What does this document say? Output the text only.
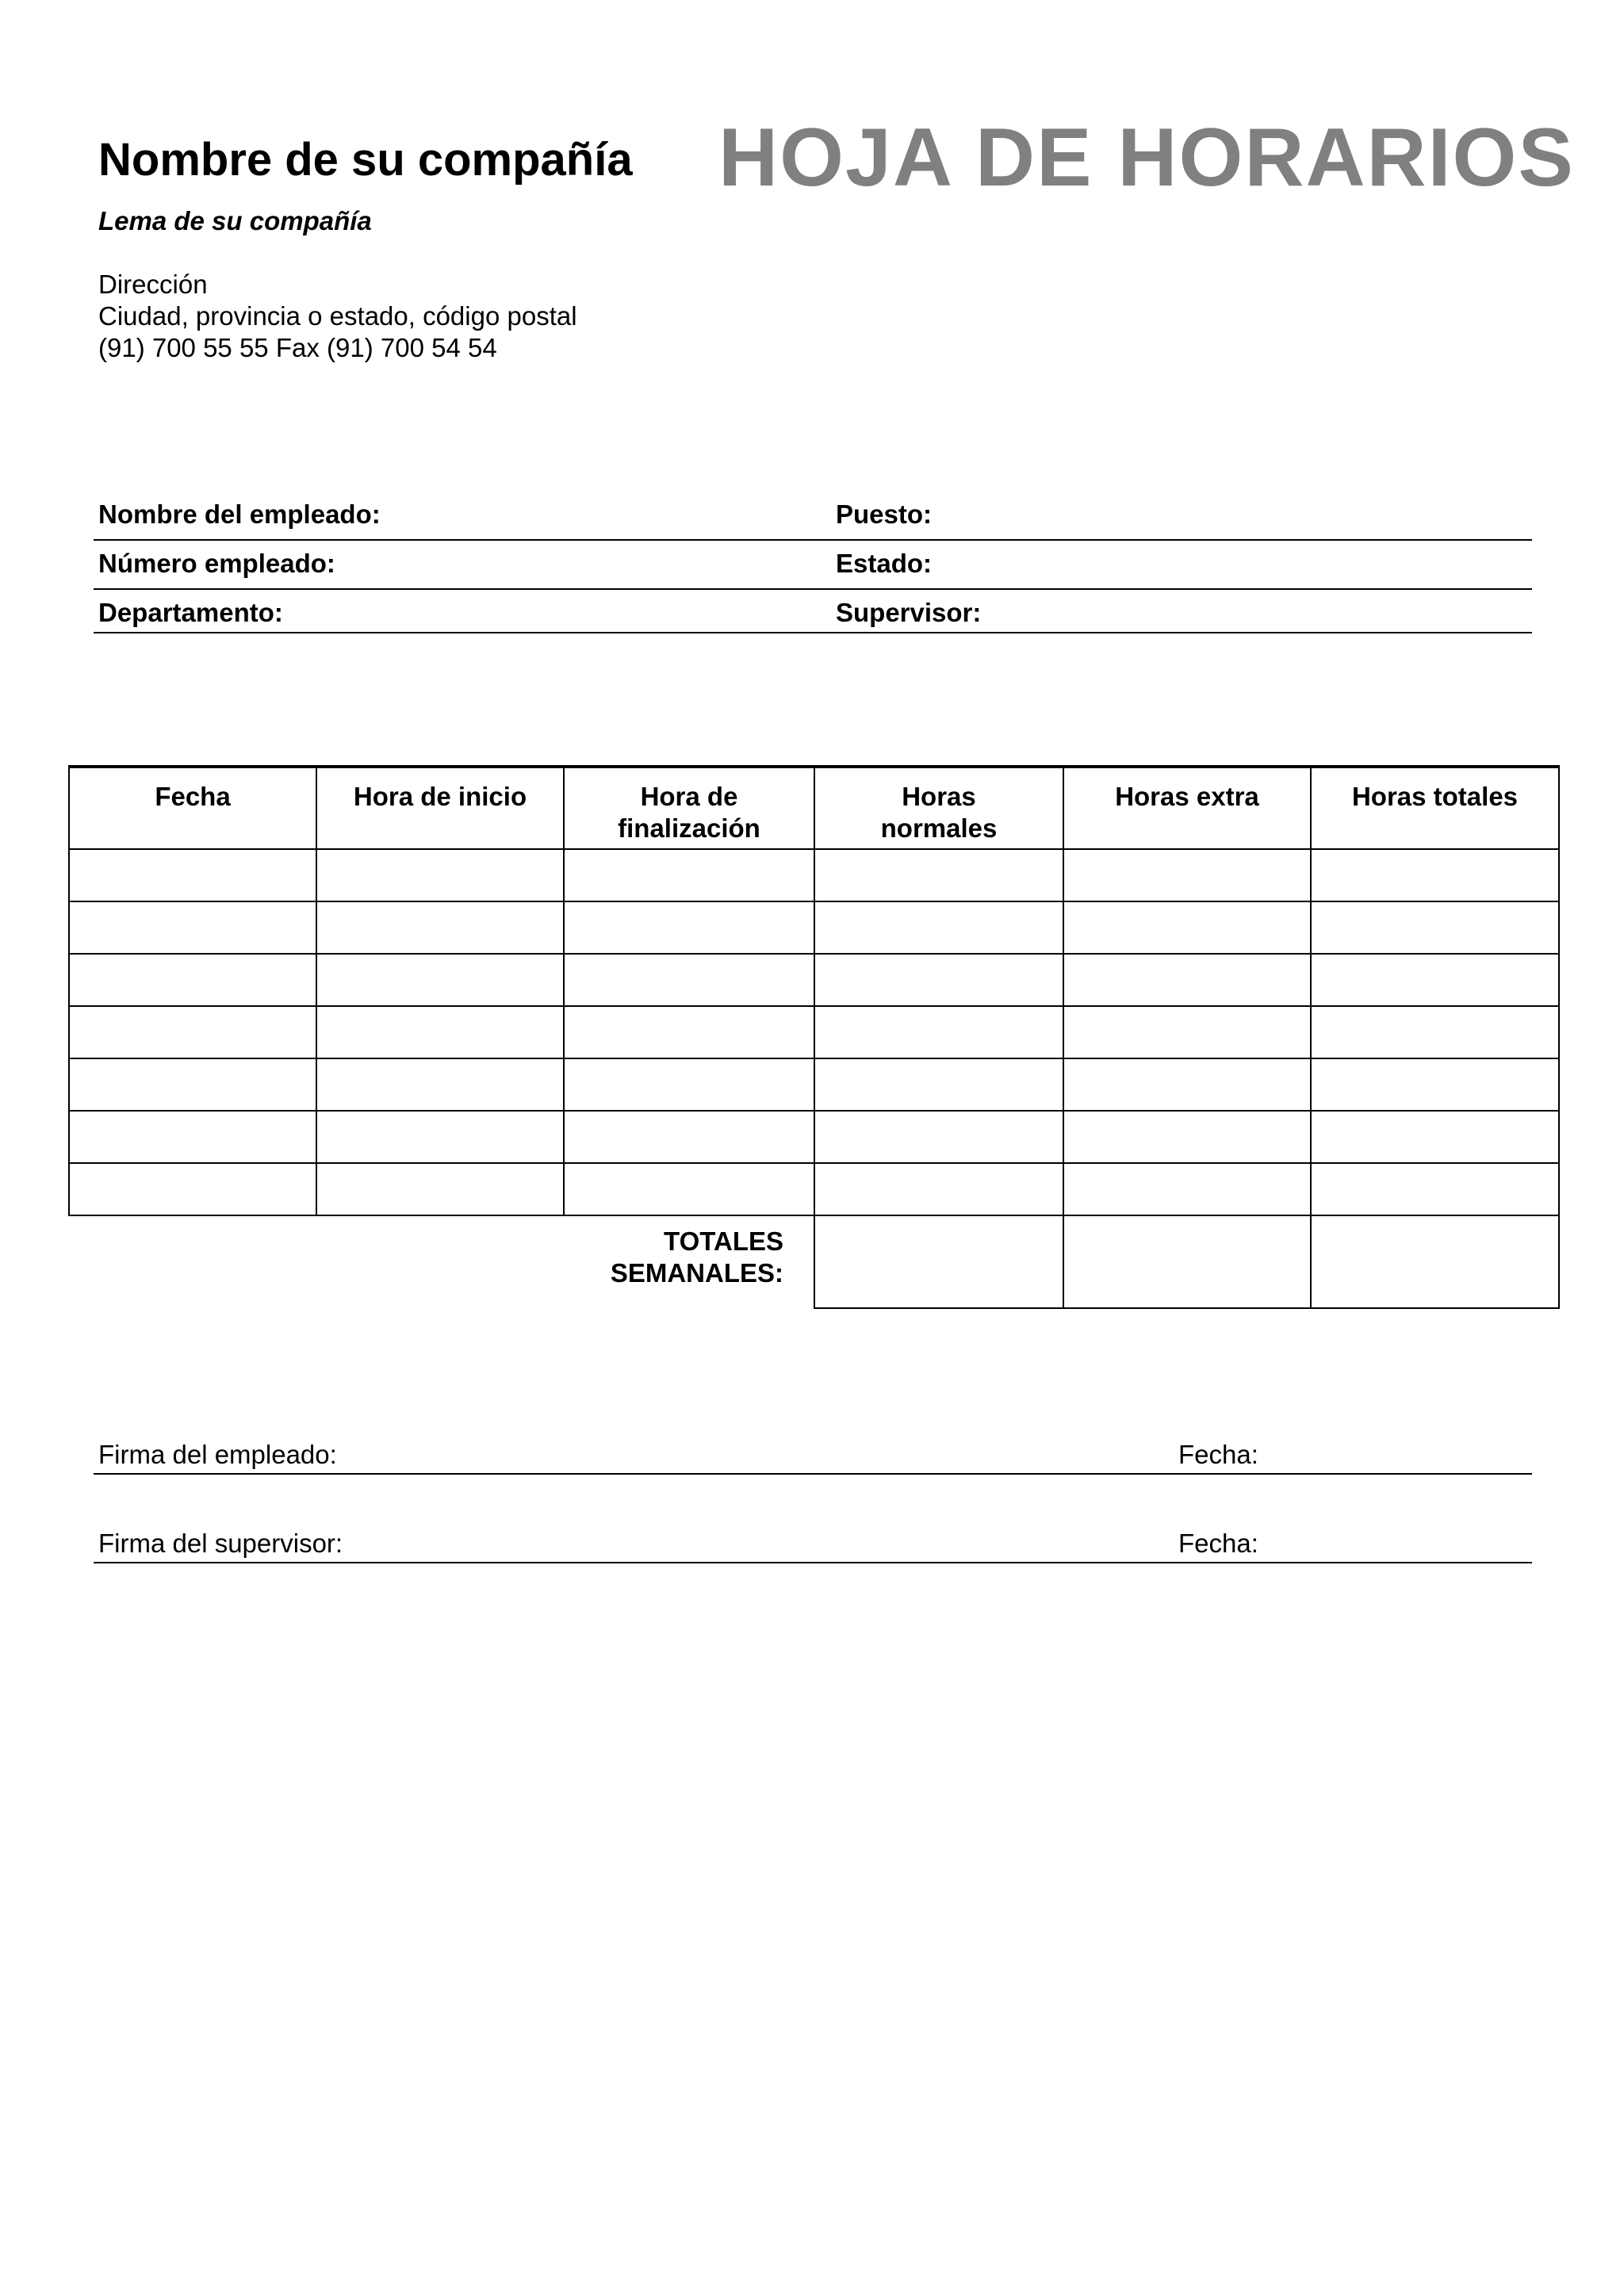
Nombre de su compañía HOJA DE HORARIOS
Lema de su compañía
Dirección
Ciudad, provincia o estado, código postal
(91) 700 55 55 Fax (91) 700 54 54
Nombre del empleado:	Puesto:
Número empleado:	Estado:
Departamento:	Supervisor:
Fecha	Hora de inicio	Hora de finalización	Horas normales	Horas extra	Horas totales

TOTALES SEMANALES:					

Firma del empleado:	Fecha:
Firma del supervisor:	Fecha:
